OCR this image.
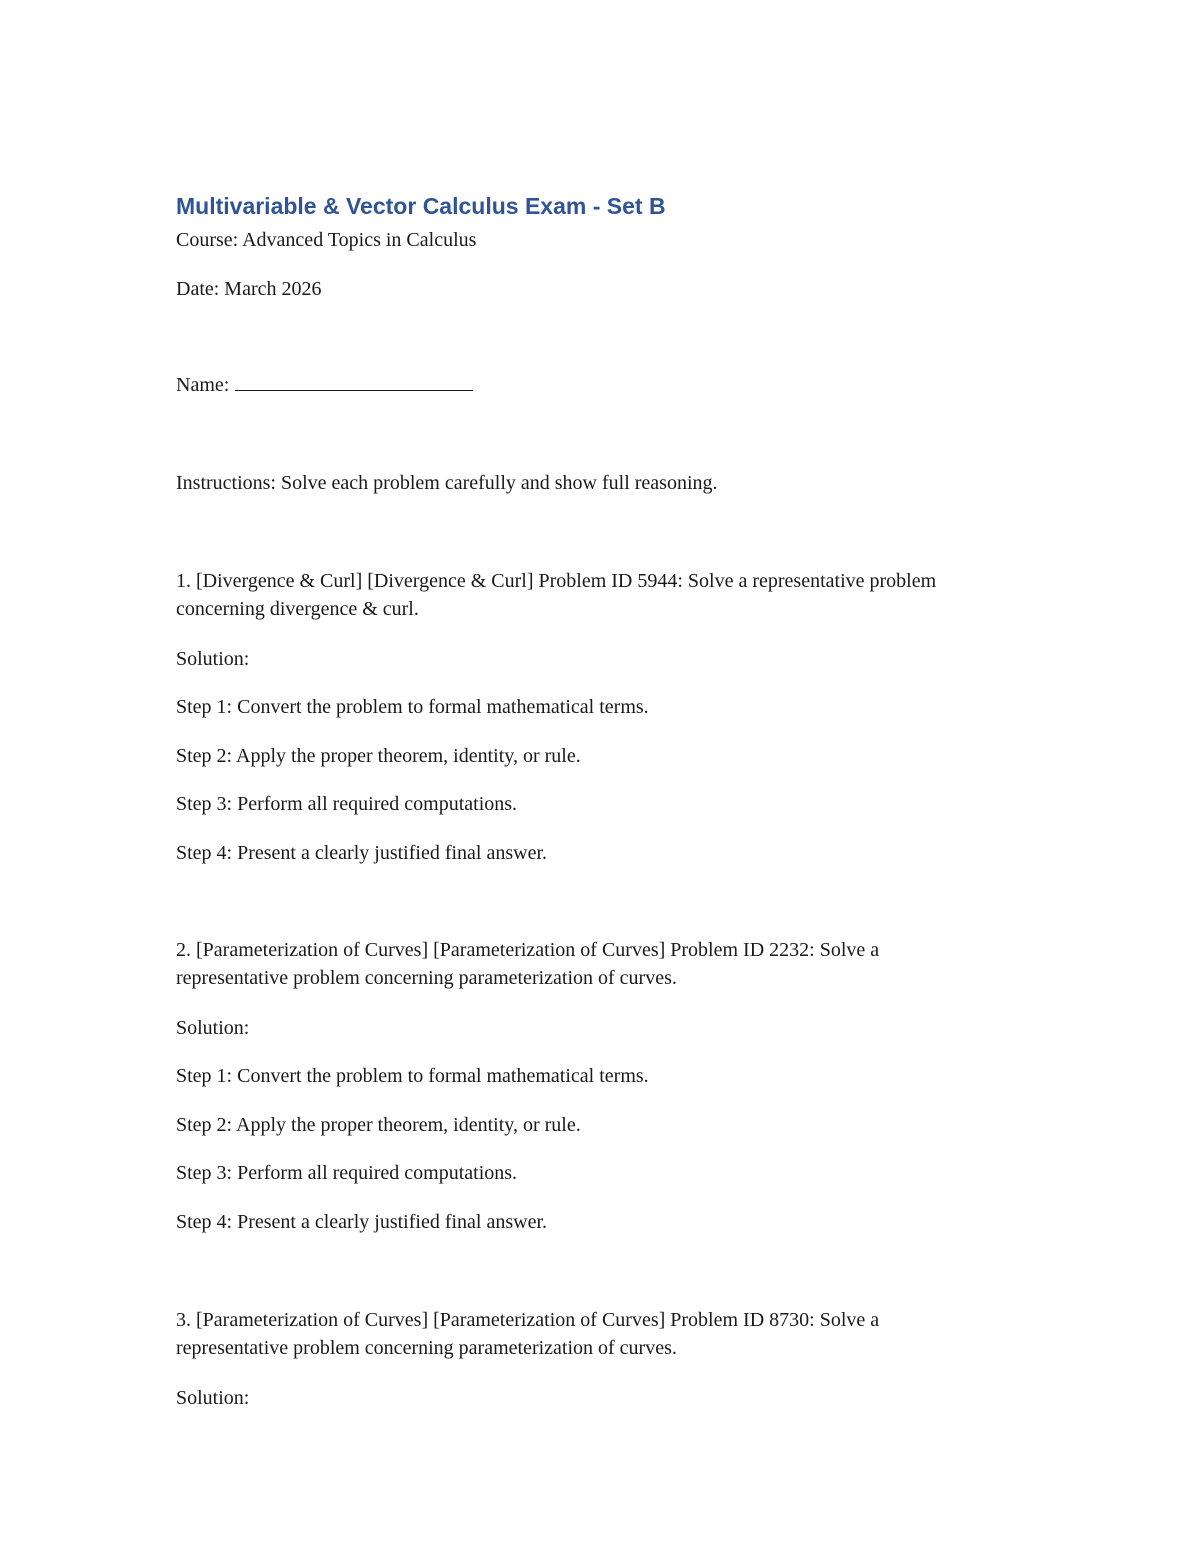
Multivariable & Vector Calculus Exam - Set B

Course: Advanced Topics in Calculus

Date: March 2026

Name:

Instructions: Solve each problem carefully and show full reasoning.

1. [Divergence & Curl] [Divergence & Curl] Problem ID 5944: Solve a representative problem concerning divergence & curl.

Solution:

Step 1: Convert the problem to formal mathematical terms.

Step 2: Apply the proper theorem, identity, or rule.

Step 3: Perform all required computations.

Step 4: Present a clearly justified final answer.

2. [Parameterization of Curves] [Parameterization of Curves] Problem ID 2232: Solve a representative problem concerning parameterization of curves.

Solution:

Step 1: Convert the problem to formal mathematical terms.

Step 2: Apply the proper theorem, identity, or rule.

Step 3: Perform all required computations.

Step 4: Present a clearly justified final answer.

3. [Parameterization of Curves] [Parameterization of Curves] Problem ID 8730: Solve a representative problem concerning parameterization of curves.

Solution:
